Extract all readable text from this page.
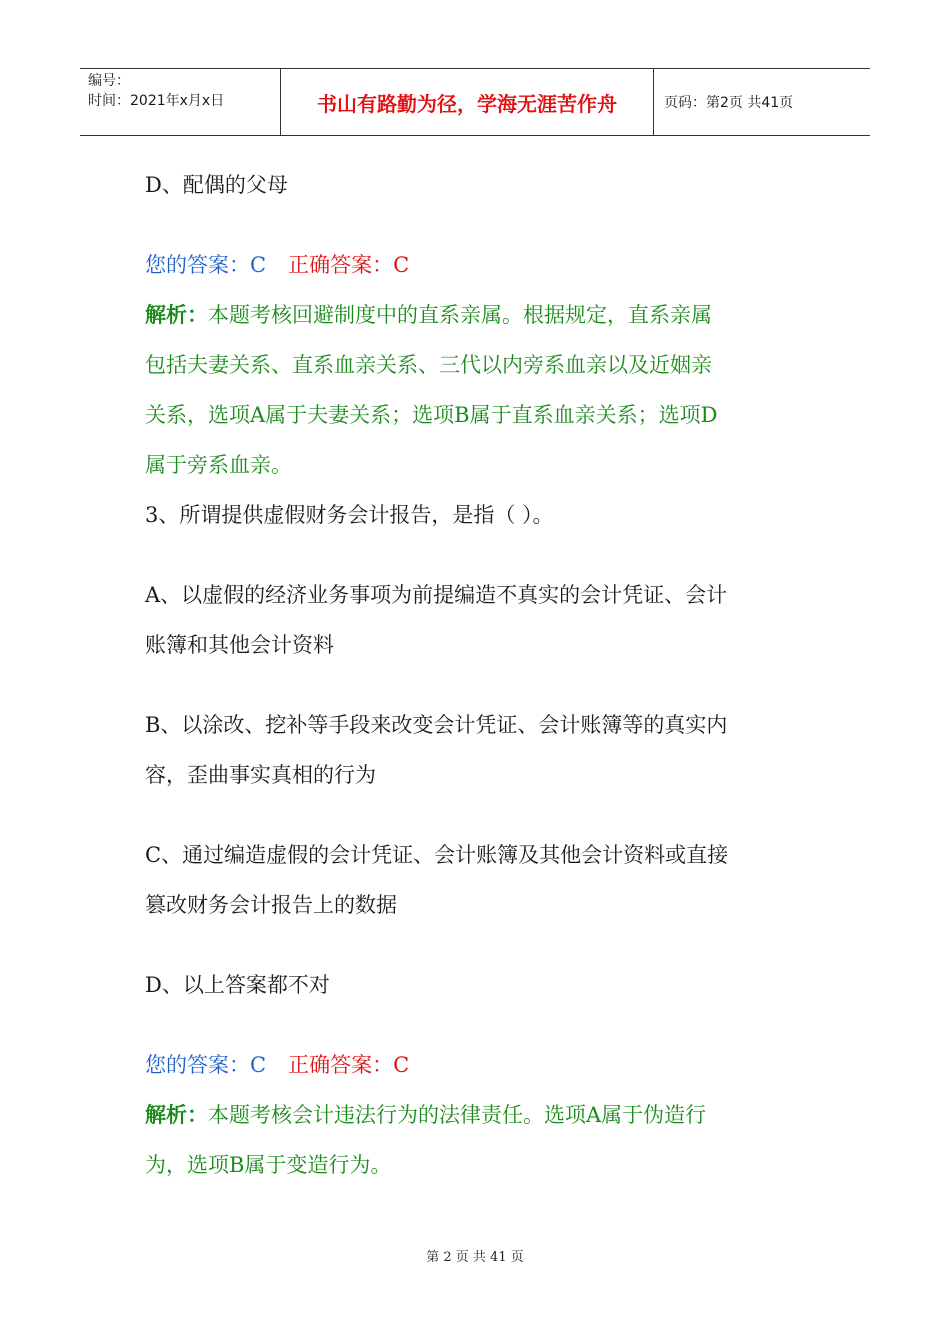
编号：
时间：2021年x月x日	书山有路勤为径，学海无涯苦作舟	页码：第2页 共41页

D、配偶的父母

您的答案：C 正确答案：C

解析：本题考核回避制度中的直系亲属。根据规定，直系亲属

包括夫妻关系、直系血亲关系、三代以内旁系血亲以及近姻亲

关系，选项A属于夫妻关系；选项B属于直系血亲关系；选项D

属于旁系血亲。

3、所谓提供虚假财务会计报告，是指（ ）。

A、以虚假的经济业务事项为前提编造不真实的会计凭证、会计

账簿和其他会计资料

B、以涂改、挖补等手段来改变会计凭证、会计账簿等的真实内

容，歪曲事实真相的行为

C、通过编造虚假的会计凭证、会计账簿及其他会计资料或直接

篡改财务会计报告上的数据

D、以上答案都不对

您的答案：C 正确答案：C

解析：本题考核会计违法行为的法律责任。选项A属于伪造行

为，选项B属于变造行为。

第 2 页 共 41 页
